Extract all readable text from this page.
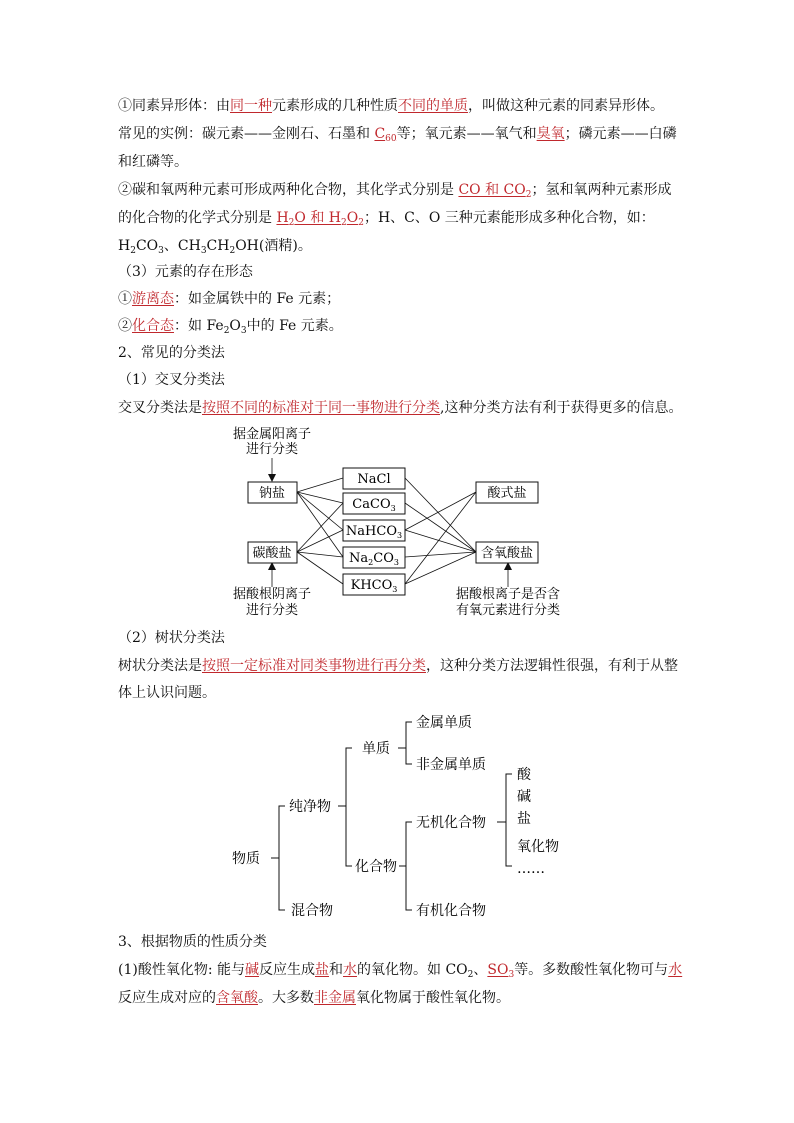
①同素异形体：由同一种元素形成的几种性质不同的单质，叫做这种元素的同素异形体。
常见的实例：碳元素——金刚石、石墨和 $C_{60}$等；氧元素——氧气和臭氧；磷元素——白磷
和红磷等。
②碳和氧两种元素可形成两种化合物，其化学式分别是 CO 和 $CO_2$；氢和氧两种元素形成
的化合物的化学式分别是 $H_2O$ 和 $H_2O_2$；H、C、O 三种元素能形成多种化合物，如：
$H_2CO_3$、$CH_3CH_2OH$(酒精)。
（3）元素的存在形态
①游离态：如金属铁中的 Fe 元素；
②化合态：如 $Fe_2O_3$中的 Fe 元素。
2、常见的分类法
（1）交叉分类法
交叉分类法是按照不同的标准对于同一事物进行分类,这种分类方法有利于获得更多的信息。
据金属阳离子
进行分类
钠盐
碳酸盐
NaCl
CaCO$_3$
NaHCO$_3$
$Na_2CO_3$
$KHCO_3$
酸式盐
含氧酸盐
据酸根阴离子
进行分类
据酸根离子是否含
有氧元素进行分类
（2）树状分类法
树状分类法是按照一定标准对同类事物进行再分类，这种分类方法逻辑性很强，有利于从整
体上认识问题。
物质
纯净物
混合物
单质
化合物
金属单质
非金属单质
无机化合物
有机化合物
酸
碱
盐
氧化物
……
3、根据物质的性质分类
(1)酸性氧化物: 能与碱反应生成盐和水的氧化物。如 $CO_2$、$SO_3$等。多数酸性氧化物可与水
反应生成对应的含氧酸。大多数非金属氧化物属于酸性氧化物。
